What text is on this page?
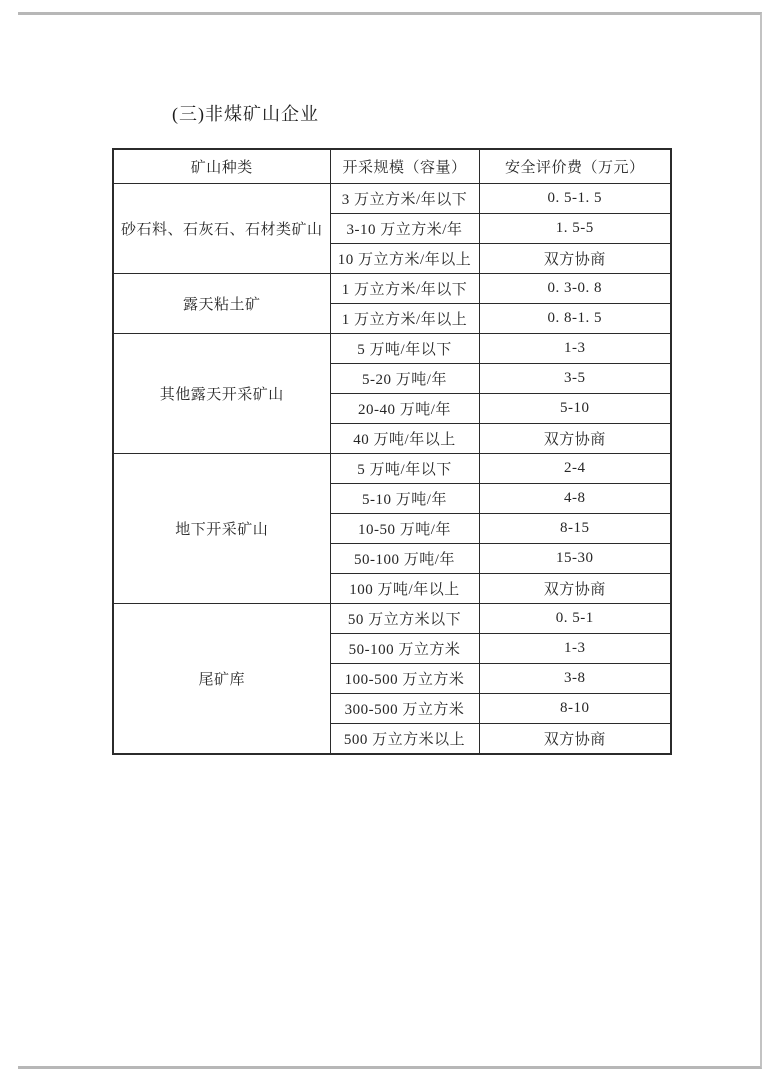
(三)非煤矿山企业
矿山种类	开采规模（容量）	安全评价费（万元）
砂石料、石灰石、石材类矿山	3 万立方米/年以下	0. 5-1. 5
	3-10 万立方米/年	1. 5-5
	10 万立方米/年以上	双方协商
露天粘土矿	1 万立方米/年以下	0. 3-0. 8
	1 万立方米/年以上	0. 8-1. 5
其他露天开采矿山	5 万吨/年以下	1-3
	5-20 万吨/年	3-5
	20-40 万吨/年	5-10
	40 万吨/年以上	双方协商
地下开采矿山	5 万吨/年以下	2-4
	5-10 万吨/年	4-8
	10-50 万吨/年	8-15
	50-100 万吨/年	15-30
	100 万吨/年以上	双方协商
尾矿库	50 万立方米以下	0. 5-1
	50-100 万立方米	1-3
	100-500 万立方米	3-8
	300-500 万立方米	8-10
	500 万立方米以上	双方协商
